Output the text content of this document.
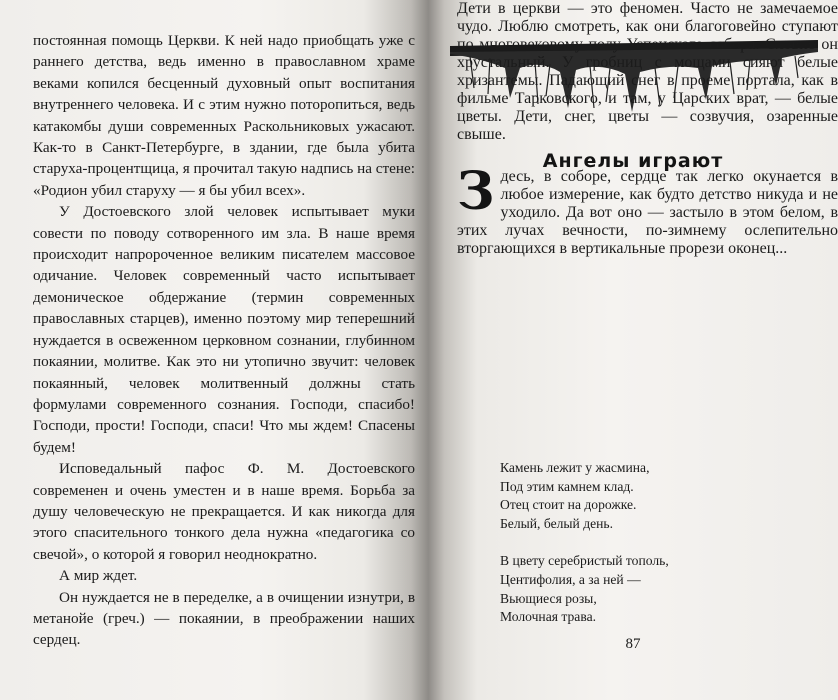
постоянная помощь Церкви. К ней надо приобщать уже с раннего детства, ведь именно в православном храме веками копился бесценный духовный опыт воспитания внутреннего человека. И с этим нужно поторопиться, ведь катакомбы души современных Раскольниковых ужасают. Как-то в Санкт-Петербурге, в здании, где была убита старуха-процентщица, я прочитал такую надпись на стене: «Родион убил старуху — я бы убил всех».

У Достоевского злой человек испытывает муки совести по поводу сотворенного им зла. В наше время происходит напророченное великим писателем массовое одичание. Человек современный часто испытывает демоническое обдержание (термин современных православных старцев), именно поэтому мир теперешний нуждается в освеженном церковном сознании, глубинном покаянии, молитве. Как это ни утопично звучит: человек покаянный, человек молитвенный должны стать формулами современного сознания. Господи, спасибо! Господи, прости! Господи, спаси! Что мы ждем! Спасены будем!

Исповедальный пафос Ф. М. Достоевского современен и очень уместен и в наше время. Борьба за душу человеческую не прекращается. И как никогда для этого спасительного тонкого дела нужна «педагогика со свечой», о которой я говорил неоднократно.

А мир ждет.

Он нуждается не в переделке, а в очищении изнутри, в метанойе (греч.) — покаянии, в преображении наших сердец.

Ангелы играют

Дети в церкви — это феномен. Часто не замечаемое чудо. Люблю смотреть, как они благоговейно ступают по многовековому полу Успенского собора. Словно он хрустальный. У гробниц с мощами сияют белые хризантемы. Падающий снег в проеме портала, как в фильме Тарковского, и там, у Царских врат, — белые цветы. Дети, снег, цветы — созвучия, озаренные свыше.

Здесь, в соборе, сердце так легко окунается в любое измерение, как будто детство никуда и не уходило. Да вот оно — застыло в этом белом, в этих лучах вечности, по-зимнему ослепительно вторгающихся в вертикальные прорези оконец...

Камень лежит у жасмина,
Под этим камнем клад.
Отец стоит на дорожке.
Белый, белый день.
В цвету серебристый тополь,
Центифолия, а за ней —
Вьющиеся розы,
Молочная трава.
87
